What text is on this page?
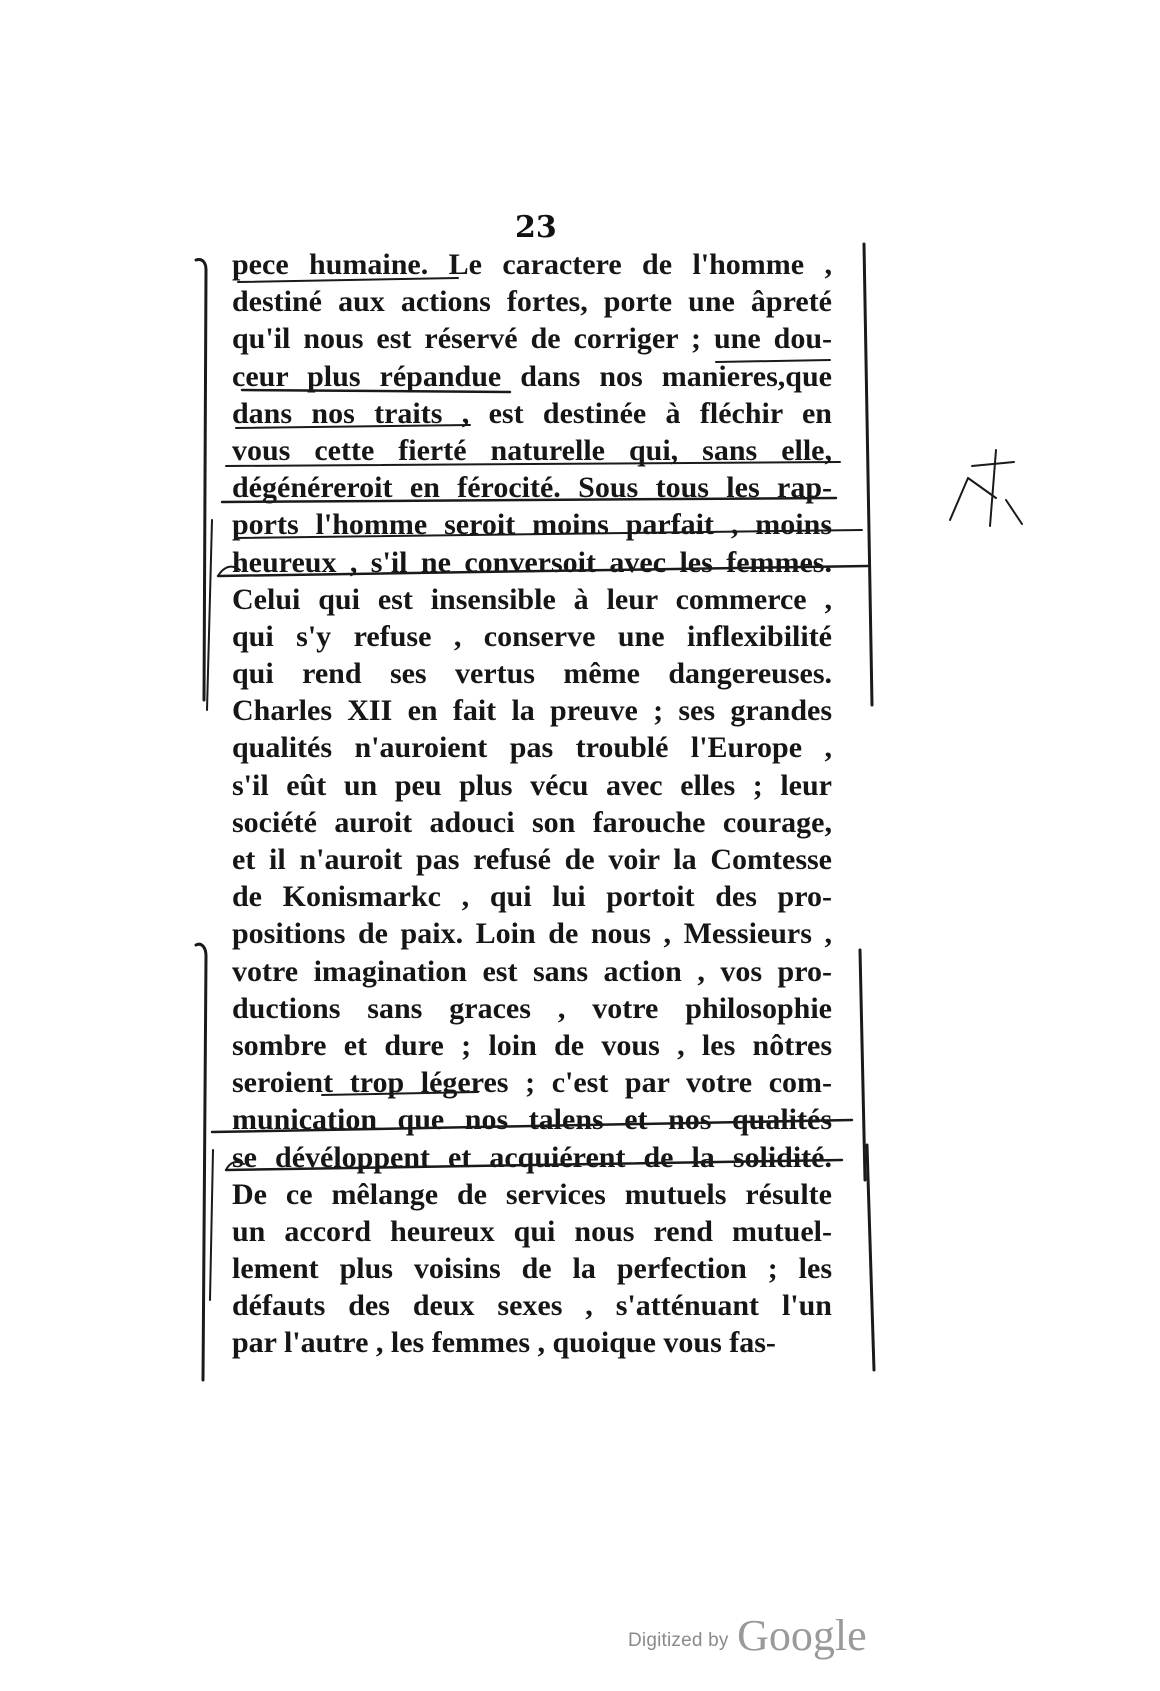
23
pece humaine. Le caractere de l'homme ,
destiné aux actions fortes, porte une âpreté
qu'il nous est réservé de corriger ; une dou-
ceur plus répandue dans nos manieres,que
dans nos traits , est destinée à fléchir en
vous cette fierté naturelle qui, sans elle,
dégénéreroit en férocité. Sous tous les rap-
ports l'homme seroit moins parfait , moins
heureux , s'il ne conversoit avec les femmes.
Celui qui est insensible à leur commerce ,
qui s'y refuse , conserve une inflexibilité
qui rend ses vertus même dangereuses.
Charles XII en fait la preuve ; ses grandes
qualités n'auroient pas troublé l'Europe ,
s'il eût un peu plus vécu avec elles ; leur
société auroit adouci son farouche courage,
et il n'auroit pas refusé de voir la Comtesse
de Konismarkc , qui lui portoit des pro-
positions de paix. Loin de nous , Messieurs ,
votre imagination est sans action , vos pro-
ductions sans graces , votre philosophie
sombre et dure ; loin de vous , les nôtres
seroient trop légeres ; c'est par votre com-
munication que nos talens et nos qualités
se dévéloppent et acquiérent de la solidité.
De ce mêlange de services mutuels résulte
un accord heureux qui nous rend mutuel-
lement plus voisins de la perfection ; les
défauts des deux sexes , s'atténuant l'un
par l'autre , les femmes , quoique vous fas-
Digitized by Google
